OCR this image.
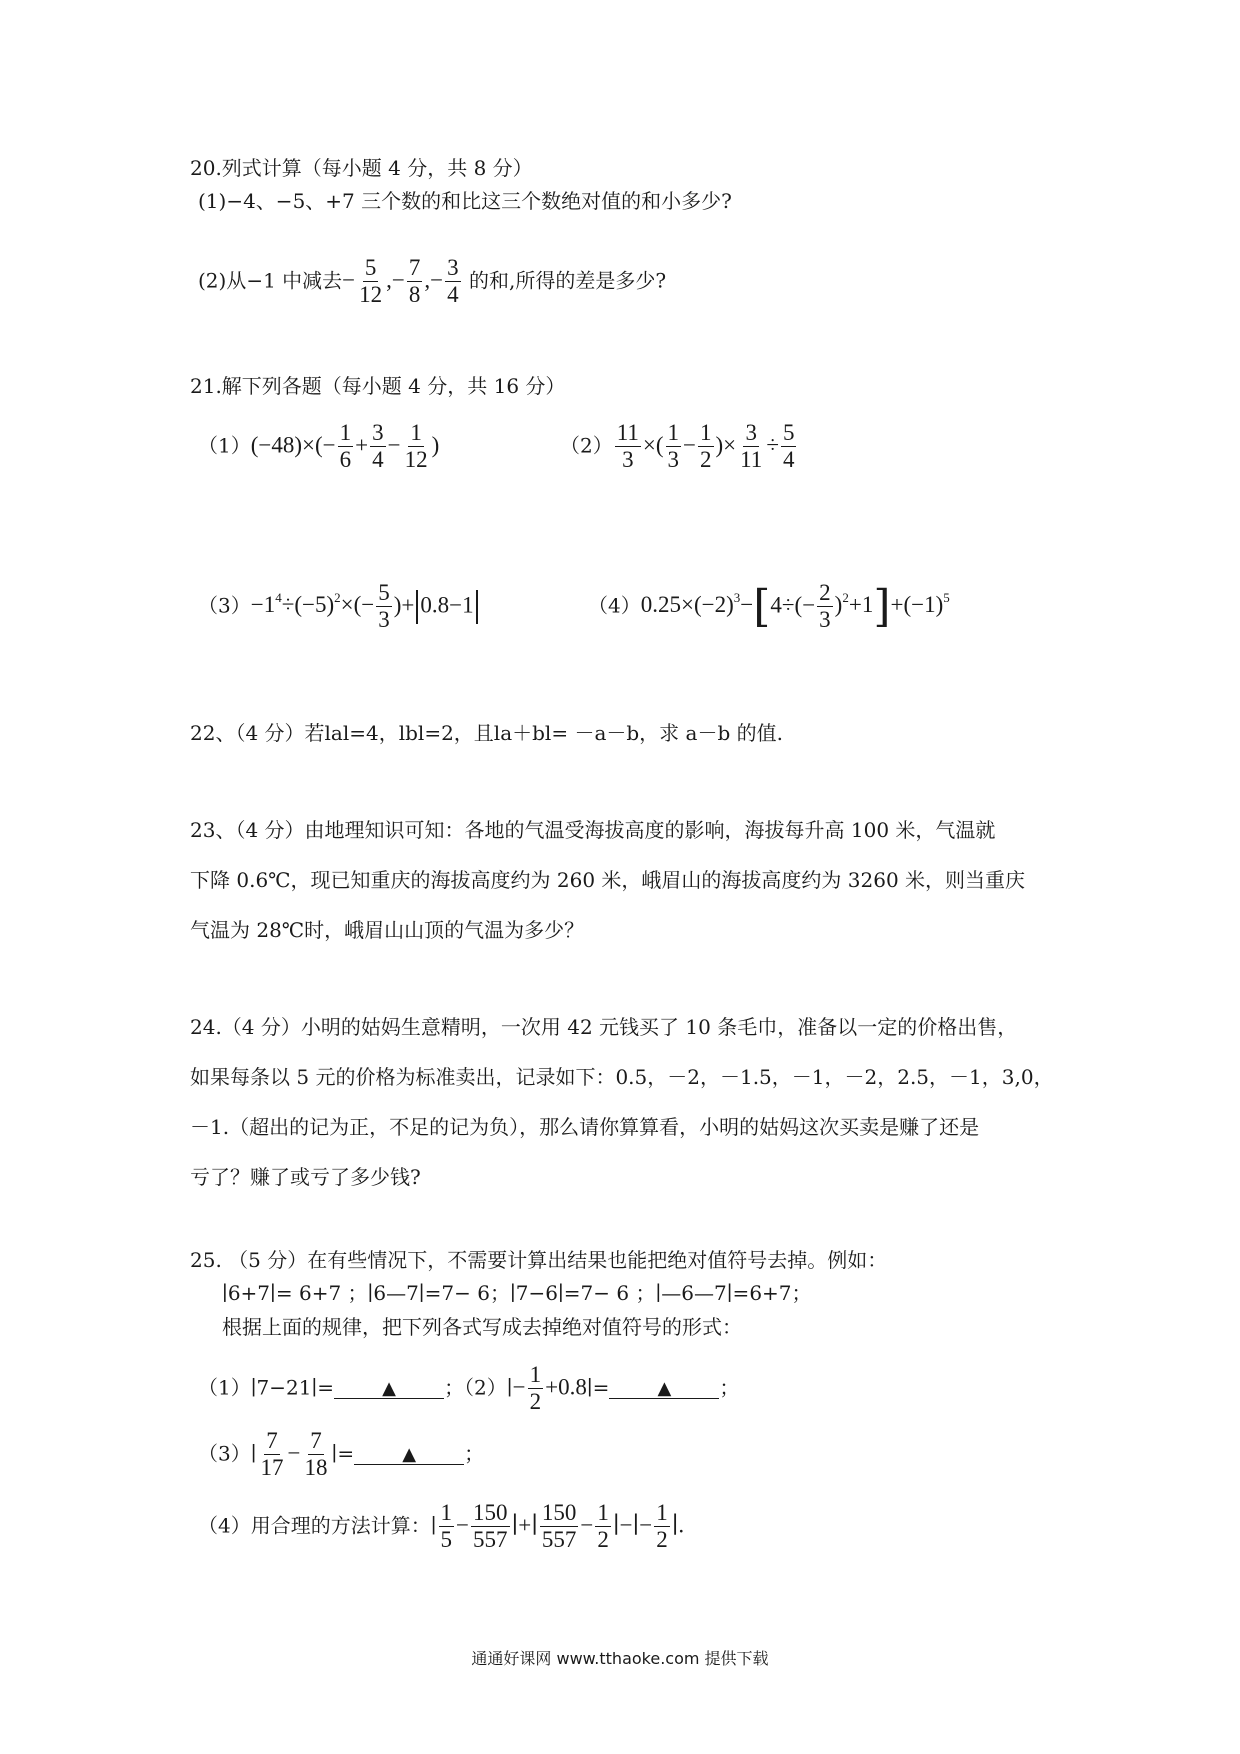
20.列式计算（每小题 4 分，共 8 分）
(1)−4、−5、+7 三个数的和比这三个数绝对值的和小多少?
(2)从−1 中减去− $\frac{5}{12}$ ,− $\frac{7}{8}$ ,− $\frac{3}{4}$ 的和,所得的差是多少?
21.解下列各题（每小题 4 分，共 16 分）
$(1)(-48)\times(- \frac{1}{6} + \frac{3}{4} - \frac{1}{12}$ )	$(2) \frac{11}{3}$ ×( $\frac{1}{3} - \frac{1}{2}$ )× $\frac{3}{11} \div \frac{5}{4}$
$(3)-1^4\div(-5)^2\times(- \frac{5}{3}$ )+ 0.8−1	$(4)0.25\times(-2)^3-[4\div(- \frac{2}{3} )^2+1]+(-1)^5$
22、（4 分）若lal=4，lbl=2，且la＋bl= －a－b，求 a－b 的值.
23、（4 分）由地理知识可知：各地的气温受海拔高度的影响，海拔每升高 100 米，气温就
下降 0.6℃，现已知重庆的海拔高度约为 260 米，峨眉山的海拔高度约为 3260 米，则当重庆
气温为 28℃时，峨眉山山顶的气温为多少？
24.（4 分）小明的姑妈生意精明，一次用 42 元钱买了 10 条毛巾，准备以一定的价格出售，
如果每条以 5 元的价格为标准卖出，记录如下：0.5，－2，－1.5，－1，－2，2.5，－1，3,0，
－1.（超出的记为正，不足的记为负），那么请你算算看，小明的姑妈这次买卖是赚了还是
亏了？赚了或亏了多少钱?
25. （5 分）在有些情况下，不需要计算出结果也能把绝对值符号去掉。例如：
∣6+7∣= 6+7 ；∣6—7∣=7− 6；∣7−6∣=7− 6 ；∣—6—7∣=6+7；
根据上面的规律，把下列各式写成去掉绝对值符号的形式：
（1）∣7−21∣=	▲ ；（2）∣− $\frac{1}{2}$ +0.8∣=	▲ ；
（3）∣ $\frac{7}{17} - \frac{7}{18}$ ∣=	▲ ；
（4）用合理的方法计算：∣ $\frac{1}{5} - \frac{150}{557}$ ∣+∣ $\frac{150}{557} - \frac{1}{2}$ ∣−∣− $\frac{1}{2}$ ∣.
通通好课网 www.tthaoke.com 提供下载
